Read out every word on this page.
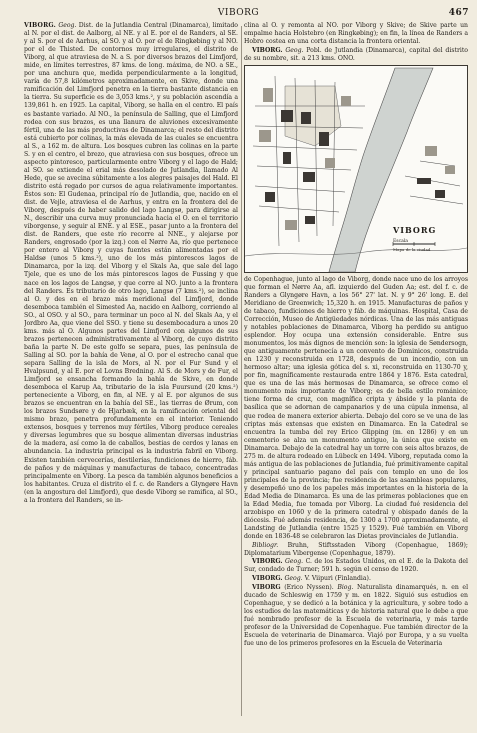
VIBORG	467

VIBORG. Geog. Dist. de la Jutlandia Central (Dinamarca), limitado al N. por el dist. de Aalborg, al NE. y al E. por el de Randers, al SE. y al S. por el de Aarhus, al SO. y al O. por el de Ringkøbing y al NO. por el de Thisted. De contornos muy irregulares, el distrito de Viborg, al que atraviesa de N. a S. por diversos brazos del Limfjord, mide, en límites terrestres, 87 kms. de long. máxima, de NO. a SE., por una anchura que, medida perpendicularmente a la longitud, varía de 57,8 kilómetros aproximadamente, en Skive, donde una ramificación del Limfjord penetra en la tierra bastante distancia en la tierra. Su superficie es de 3,053 kms.², y su población ascendía a 139,861 h. en 1925. La capital, Viborg, se halla en el centro. El país es bastante variado. Al NO., la península de Salling, que el Limfjord rodea con sus brazos, es una llanura de aluviones excesivamente fértil, una de las más productivas de Dinamarca; el resto del distrito está cubierto por colinas, la más elevada de las cuales se encuentra al S., a 162 m. de altura. Los bosques cubren las colinas en la parte S. y en el centro, el brezo, que atraviesa con sus bosques, ofrece un aspecto pintoresco, particularmente entre Viborg y el lago de Hald; al SO. se extiende el erial más desolado de Jutlandia, llamado Al Hede, que se avecina súbitamente a los alegres paisajes del Hald. El distrito está regado por cursos de agua relativamente importantes. Éstos son: El Gudenaa, principal río de Jutlandia, que, nacido en el dist. de Vejle, atraviesa el de Aarhus, y entra en la frontera del de Viborg, después de haber salido del lago Langsø, para dirigirse al N., describir una curva muy pronunciada hacia el O. en el territorio viborgense, y seguir al ENE. y al ESE., pasar junto a la frontera del dist. de Randers, que este río recorre al NNE., y alejarse por Randers, engrosado (por la izq.) con el Nørre Aa, río que pertenece por entero al Viborg y cuyas fuentes están alimentadas por el Haldsø (unos 5 kms.²), uno de los más pintorescos lagos de Dinamarca, por la izq. del Viborg y el Skals Aa, que sale del lago Tjele, que es uno de los más pintorescos lagos de Fussing y que nace en los lagos de Langsø, y que corre al NO. junto a la frontera del Randers. Es tributario de otro lago, Langsø (7 kms.²), se inclina al O. y des en el brazo más meridional del Limfjord, donde desemboca también el Simested Aa, nacido en Aalborg, corriendo al SO., al OSO. y al SO., para terminar un poco al N. del Skals Aa, y el Jordbro Aa, que viene del SSO. y tiene su desembocadura a unos 20 kms. más al O. Algunos partes del Limfjord con algunos de sus brazos pertenecen administrativamente al Viborg, de cuyo distrito baña la parte N. De este golfo se separa, pues, las península de Salling al SO. por la bahía de Venø, al O. por el estrecho canal que separa Salling de la isla de Mors, al N. por el Fur Sund y el Hvalpsund, y al E. por el Lovns Bredning. Al S. de Mors y de Fur, el Limfjord se ensancha formando la bahía de Skive, en donde desemboca el Karup Aa, tributario de la isla Fuursund (20 kms.²) perteneciente a Viborg, en fin, al NE. y al E. por algunos de sus brazos se encuentran en la bahía del SE., las tierras de Ørum, con los brazos Sundsøre y de Hjarbæk, en la ramificación oriental del mismo brazo, penetra profundamente en el interior. Teniendo extensos, bosques y terrenos muy fértiles, Viborg produce cereales y diversas legumbres que su bosque alimentan diversas industrias de la madera, así como la de caballos, bestias de cerdos y lanas en abundancia. La industria principal es la industria fabril en Viborg. Existen también cervecerías, destilerías, fundiciones de hierro, fáb. de paños y de máquinas y manufacturas de tabaco, concentradas principalmente en Viborg. La pesca da también algunos beneficios a los habitantes. Cruza el distrito el f. c. de Randers a Glyngøre Havn (en la angostura del Limfjord), que desde Viborg se ramifica, al SO., a la frontera del Randers, se in-

clina al O. y remonta al NO. por Viborg y Skive; de Skive parte un empalme hacia Holstebro (en Ringkøbing); en fin, la línea de Randers a Hobro costea en una corta distancia la frontera oriental.

VIBORG. Geog. Pobl. de Jutlandia (Dinamarca), capital del distrito de su nombre, sit. a 213 kms. ONO.

VIBORG
Escala
Mapa de la ciudad

de Copenhague, junto al lago de Viborg, donde nace uno de los arroyos que forman el Nørre Aa, afl. izquierdo del Guden Aa; est. del f. c. de Randers a Glyngøre Havn, a los 56° 27' lat. N. y 9° 26' long. E. del Meridiano de Greenwich; 15,320 h. en 1915. Manufacturas de paños y de tabaco, fundiciones de hierro y fáb. de máquinas. Hospital, Casa de Corrección, Museo de Antigüedades nórdicas. Una de las más antiguas y notables poblaciones de Dinamarca, Viborg ha perdido su antiguo esplendor. Hoy ocupa una extensión considerable. Entre sus monumentos, los más dignos de mención son: la iglesia de Søndersogn, que antiguamente pertenecía a un convento de Dominicos, construida en 1230 y reconstruida en 1728, después de un incendio, con un hermoso altar; una iglesia gótica del s. xi, reconstruida en 1130-70 y, por fin, magníficamente restaurada entre 1864 y 1876. Esta catedral, que es una de las más hermosas de Dinamarca, se ofrece como el monumento más importante de Viborg; es de bella estilo románico; tiene forma de cruz, con magnífica cripta y ábside y la planta de basílica que se adornan de campanarios y de una cúpula inmensa, al que rodea de manera exterior abierta. Debajo del coro se ve una de las criptas más extensas que existen en Dinamarca. En la Catedral se encuentra la tumba del rey Erico Glipping (m. en 1286) y en un cementerio se alza un monumento antiguo, la única que existe en Dinamarca. Debajo de la catedral hay un torre con seis altos brazos, de 275 m. de altura rodeado en Lübeck en 1494. Viborg, reputada como la más antigua de las poblaciones de Jutlandia, fué primitivamente capital y principal santuario pagano del país con templo en uno de los principales de la provincia; fue residencia de las asambleas populares, y desempeñó uno de los papeles más importantes en la historia de la Edad Media de Dinamarca. Es una de las primeras poblaciones que en la Edad Media, fue tomada por Viborg. La ciudad fué residencia del arzobispo en 1060 y de la primera catedral y obispado danés de la diócesis. Fué además residencia, de 1300 a 1700 aproximadamente, el Landsting de Jutlandia (entre 1525 y 1529). Fué también en Viborg donde en 1836-48 se celebraron las Dietas provinciales de Jutlandia.

Bibliogr. Bruhn, Stiftsstaden Viborg (Copenhague, 1869); Diplomatarium Vibergense (Copenhague, 1879).

VIBORG. Geog. C. de los Estados Unidos, en el E. de la Dakota del Sur, condado de Turner; 591 h. según el censo de 1920.

VIBORG. Geog. V. Viipuri (Finlandia).

VIBORG (Erico Nyssen). Biog. Naturalista dinamarqués, n. en el ducado de Schleswig en 1759 y m. en 1822. Siguió sus estudios en Copenhague, y se dedicó a la botánica y la agricultura, y sobre todo a los estudios de las matemáticas y de historia natural que le debe a que fué nombrado profesor de la Escuela de veterinaria, y más tarde profesor de la Universidad de Copenhague. Fue también director de la Escuela de veterinaria de Dinamarca. Viajó por Europa, y a su vuelta fue uno de los primeros profesores en la Escuela de Veterinaria
